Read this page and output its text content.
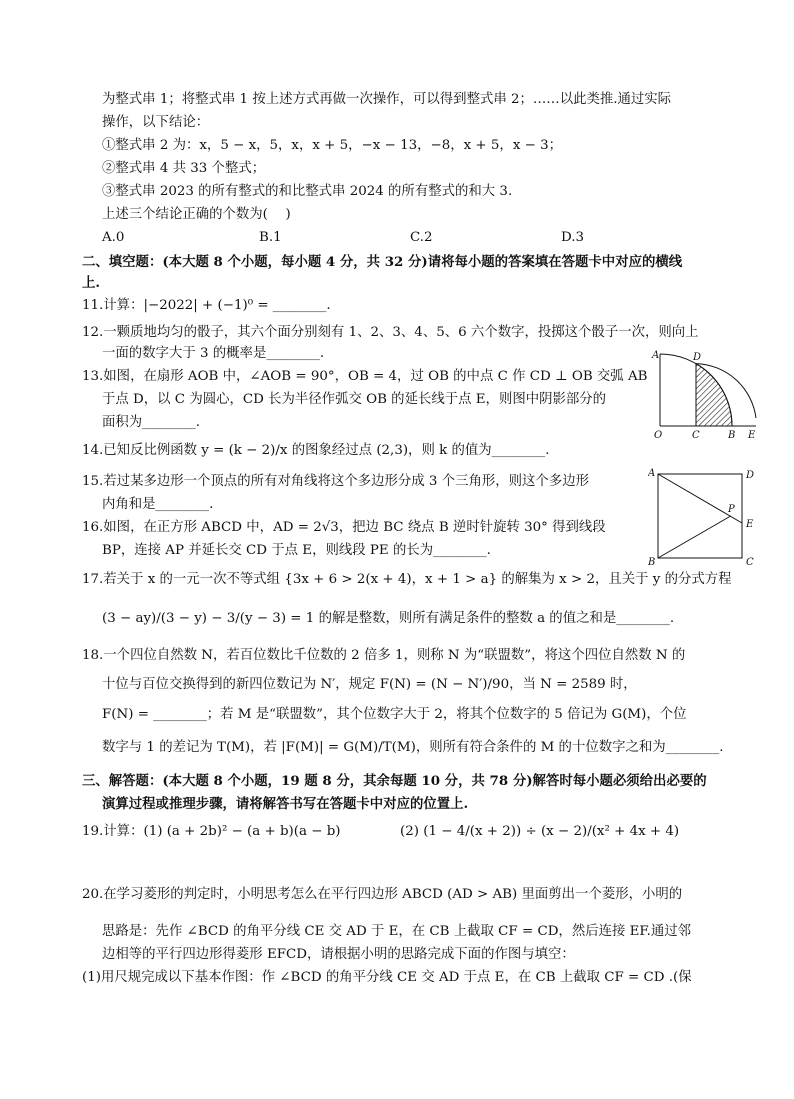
为整式串 1；将整式串 1 按上述方式再做一次操作，可以得到整式串 2；……以此类推.通过实际
操作，以下结论：
①整式串 2 为：x，5 − x，5，x，x + 5，−x − 13，−8，x + 5，x − 3；
②整式串 4 共 33 个整式；
③整式串 2023 的所有整式的和比整式串 2024 的所有整式的和大 3.
上述三个结论正确的个数为(　 )
A.0	B.1	C.2	D.3
二、填空题：(本大题 8 个小题，每小题 4 分，共 32 分)请将每小题的答案填在答题卡中对应的横线
上.
11.计算：|−2022| + (−1)⁰ = ________.
12.一颗质地均匀的骰子，其六个面分别刻有 1、2、3、4、5、6 六个数字，投掷这个骰子一次，则向上
一面的数字大于 3 的概率是________.
13.如图，在扇形 AOB 中，∠AOB = 90°，OB = 4，过 OB 的中点 C 作 CD ⊥ OB 交弧 AB
于点 D，以 C 为圆心，CD 长为半径作弧交 OB 的延长线于点 E，则图中阴影部分的
面积为________.
14.已知反比例函数 y = (k − 2)/x 的图象经过点 (2,3)，则 k 的值为________.
15.若过某多边形一个顶点的所有对角线将这个多边形分成 3 个三角形，则这个多边形
内角和是________.
16.如图，在正方形 ABCD 中，AD = 2√3，把边 BC 绕点 B 逆时针旋转 30° 得到线段
BP，连接 AP 并延长交 CD 于点 E，则线段 PE 的长为________.
17.若关于 x 的一元一次不等式组 {3x + 6 > 2(x + 4)，x + 1 > a} 的解集为 x > 2，且关于 y 的分式方程
(3 − ay)/(3 − y) − 3/(y − 3) = 1 的解是整数，则所有满足条件的整数 a 的值之和是________.
18.一个四位自然数 N，若百位数比千位数的 2 倍多 1，则称 N 为“联盟数”，将这个四位自然数 N 的
十位与百位交换得到的新四位数记为 N′，规定 F(N) = (N − N′)/90，当 N = 2589 时，
F(N) = ________；若 M 是“联盟数”，其个位数字大于 2，将其个位数字的 5 倍记为 G(M)，个位
数字与 1 的差记为 T(M)，若 |F(M)| = G(M)/T(M)，则所有符合条件的 M 的十位数字之和为________.
三、解答题：(本大题 8 个小题，19 题 8 分，其余每题 10 分，共 78 分)解答时每小题必须给出必要的
演算过程或推理步骤，请将解答书写在答题卡中对应的位置上.
19.计算：(1) (a + 2b)² − (a + b)(a − b)	(2) (1 − 4/(x + 2)) ÷ (x − 2)/(x² + 4x + 4)
20.在学习菱形的判定时，小明思考怎么在平行四边形 ABCD (AD > AB) 里面剪出一个菱形，小明的
思路是：先作 ∠BCD 的角平分线 CE 交 AD 于 E，在 CB 上截取 CF = CD，然后连接 EF.通过邻
边相等的平行四边形得菱形 EFCD，请根据小明的思路完成下面的作图与填空：
(1)用尺规完成以下基本作图：作 ∠BCD 的角平分线 CE 交 AD 于点 E，在 CB 上截取 CF = CD .(保
A	D
O	C	B E
A	D
P
E
B	C
